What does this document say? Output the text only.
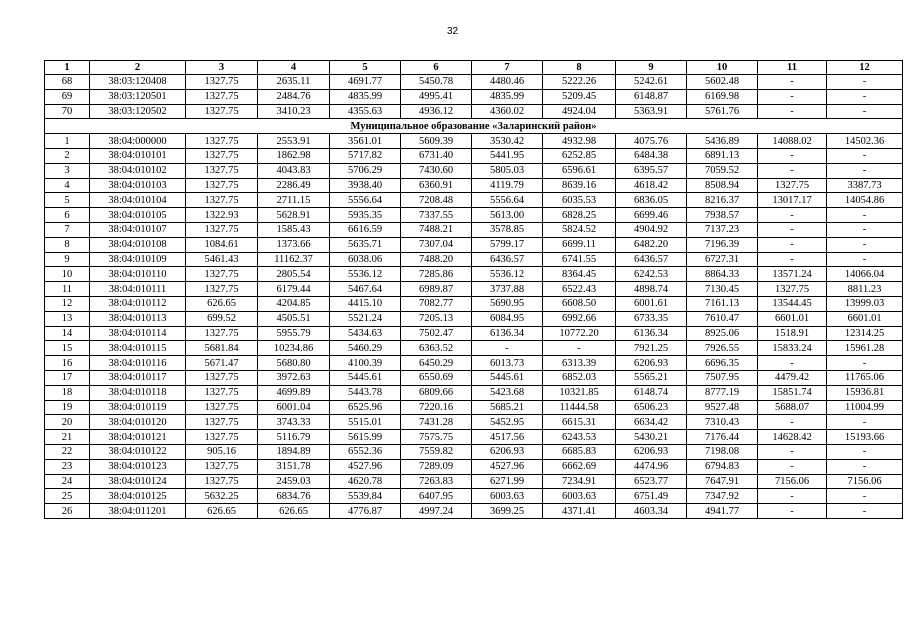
32
1	2	3	4	5	6	7	8	9	10	11	12
68	38:03:120408	1327.75	2635.11	4691.77	5450.78	4480.46	5222.26	5242.61	5602.48	-	-
69	38:03:120501	1327.75	2484.76	4835.99	4995.41	4835.99	5209.45	6148.87	6169.98	-	-
70	38:03:120502	1327.75	3410.23	4355.63	4936.12	4360.02	4924.04	5363.91	5761.76	-	-
Муниципальное образование «Заларинский район»											
1	38:04:000000	1327.75	2553.91	3561.01	5609.39	3530.42	4932.98	4075.76	5436.89	14088.02	14502.36
2	38:04:010101	1327.75	1862.98	5717.82	6731.40	5441.95	6252.85	6484.38	6891.13	-	-
3	38:04:010102	1327.75	4043.83	5706.29	7430.60	5805.03	6596.61	6395.57	7059.52	-	-
4	38:04:010103	1327.75	2286.49	3938.40	6360.91	4119.79	8639.16	4618.42	8508.94	1327.75	3387.73
5	38:04:010104	1327.75	2711.15	5556.64	7208.48	5556.64	6035.53	6836.05	8216.37	13017.17	14054.86
6	38:04:010105	1322.93	5628.91	5935.35	7337.55	5613.00	6828.25	6699.46	7938.57	-	-
7	38:04:010107	1327.75	1585.43	6616.59	7488.21	3578.85	5824.52	4904.92	7137.23	-	-
8	38:04:010108	1084.61	1373.66	5635.71	7307.04	5799.17	6699.11	6482.20	7196.39	-	-
9	38:04:010109	5461.43	11162.37	6038.06	7488.20	6436.57	6741.55	6436.57	6727.31	-	-
10	38:04:010110	1327.75	2805.54	5536.12	7285.86	5536.12	8364.45	6242.53	8864.33	13571.24	14066.04
11	38:04:010111	1327.75	6179.44	5467.64	6989.87	3737.88	6522.43	4898.74	7130.45	1327.75	8811.23
12	38:04:010112	626.65	4204.85	4415.10	7082.77	5690.95	6608.50	6001.61	7161.13	13544.45	13999.03
13	38:04:010113	699.52	4505.51	5521.24	7205.13	6084.95	6992.66	6733.35	7610.47	6601.01	6601.01
14	38:04:010114	1327.75	5955.79	5434.63	7502.47	6136.34	10772.20	6136.34	8925.06	1518.91	12314.25
15	38:04:010115	5681.84	10234.86	5460.29	6363.52	-	-	7921.25	7926.55	15833.24	15961.28
16	38:04:010116	5671.47	5680.80	4100.39	6450.29	6013.73	6313.39	6206.93	6696.35	-	-
17	38:04:010117	1327.75	3972.63	5445.61	6550.69	5445.61	6852.03	5565.21	7507.95	4479.42	11765.06
18	38:04:010118	1327.75	4699.89	5443.78	6809.66	5423.68	10321.85	6148.74	8777.19	15851.74	15936.81
19	38:04:010119	1327.75	6001.04	6525.96	7220.16	5685.21	11444.58	6506.23	9527.48	5688.07	11004.99
20	38:04:010120	1327.75	3743.33	5515.01	7431.28	5452.95	6615.31	6634.42	7310.43	-	-
21	38:04:010121	1327.75	5116.79	5615.99	7575.75	4517.56	6243.53	5430.21	7176.44	14628.42	15193.66
22	38:04:010122	905.16	1894.89	6552.36	7559.82	6206.93	6685.83	6206.93	7198.08	-	-
23	38:04:010123	1327.75	3151.78	4527.96	7289.09	4527.96	6662.69	4474.96	6794.83	-	-
24	38:04:010124	1327.75	2459.03	4620.78	7263.83	6271.99	7234.91	6523.77	7647.91	7156.06	7156.06
25	38:04:010125	5632.25	6834.76	5539.84	6407.95	6003.63	6003.63	6751.49	7347.92	-	-
26	38:04:011201	626.65	626.65	4776.87	4997.24	3699.25	4371.41	4603.34	4941.77	-	-
